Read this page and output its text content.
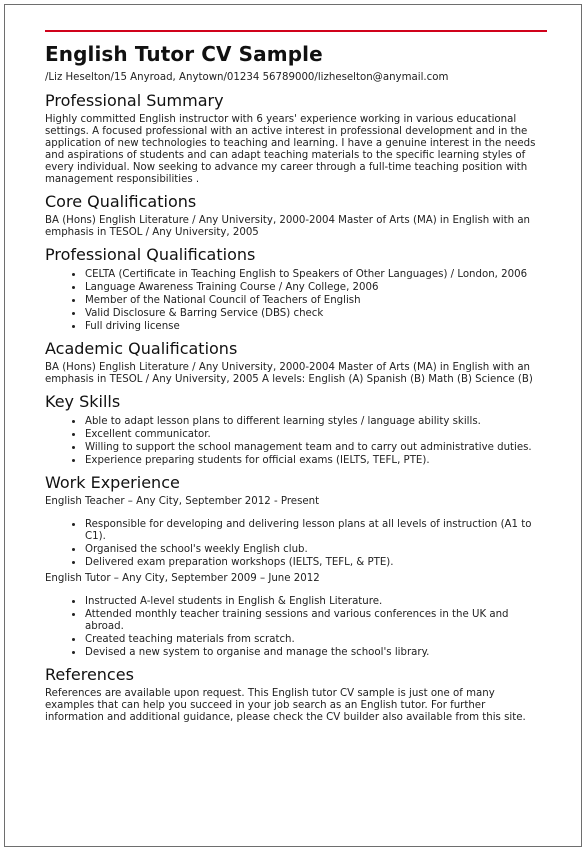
English Tutor CV Sample
/Liz Heselton/15 Anyroad, Anytown/01234 56789000/lizheselton@anymail.com
Professional Summary
Highly committed English instructor with 6 years' experience working in various educational settings. A focused professional with an active interest in professional development and in the application of new technologies to teaching and learning. I have a genuine interest in the needs and aspirations of students and can adapt teaching materials to the specific learning styles of every individual. Now seeking to advance my career through a full-time teaching position with management responsibilities .
Core Qualifications
BA (Hons) English Literature / Any University, 2000-2004 Master of Arts (MA) in English with an emphasis in TESOL / Any University, 2005
Professional Qualifications
• CELTA (Certificate in Teaching English to Speakers of Other Languages) / London, 2006
• Language Awareness Training Course / Any College, 2006
• Member of the National Council of Teachers of English
• Valid Disclosure & Barring Service (DBS) check
• Full driving license
Academic Qualifications
BA (Hons) English Literature / Any University, 2000-2004 Master of Arts (MA) in English with an emphasis in TESOL / Any University, 2005 A levels: English (A) Spanish (B) Math (B) Science (B)
Key Skills
• Able to adapt lesson plans to different learning styles / language ability skills.
• Excellent communicator.
• Willing to support the school management team and to carry out administrative duties.
• Experience preparing students for official exams (IELTS, TEFL, PTE).
Work Experience
English Teacher – Any City, September 2012 - Present
• Responsible for developing and delivering lesson plans at all levels of instruction (A1 to C1).
• Organised the school's weekly English club.
• Delivered exam preparation workshops (IELTS, TEFL, & PTE).
English Tutor – Any City, September 2009 – June 2012
• Instructed A-level students in English & English Literature.
• Attended monthly teacher training sessions and various conferences in the UK and abroad.
• Created teaching materials from scratch.
• Devised a new system to organise and manage the school's library.
References
References are available upon request. This English tutor CV sample is just one of many examples that can help you succeed in your job search as an English tutor. For further information and additional guidance, please check the CV builder also available from this site.
